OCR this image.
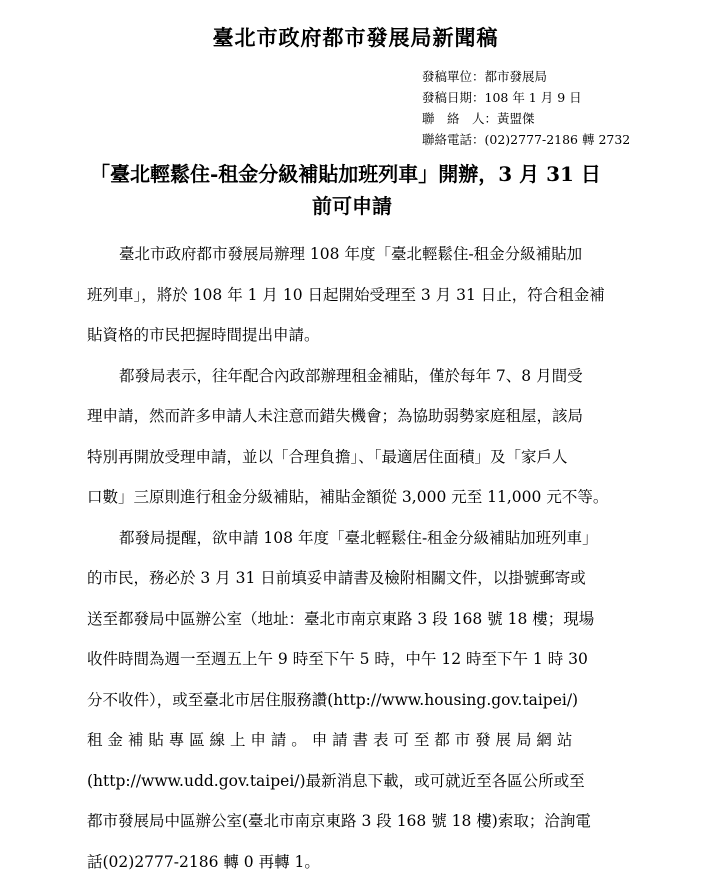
臺北市政府都市發展局新聞稿
發稿單位：都市發展局
發稿日期：108 年 1 月 9 日
聯　絡　人：黃盟傑
聯絡電話：(02)2777-2186 轉 2732
「臺北輕鬆住-租金分級補貼加班列車」開辦，3 月 31 日
前可申請
臺北市政府都市發展局辦理 108 年度「臺北輕鬆住-租金分級補貼加
班列車」，將於 108 年 1 月 10 日起開始受理至 3 月 31 日止，符合租金補
貼資格的市民把握時間提出申請。
都發局表示，往年配合內政部辦理租金補貼，僅於每年 7、8 月間受
理申請，然而許多申請人未注意而錯失機會；為協助弱勢家庭租屋，該局
特別再開放受理申請，並以「合理負擔」、「最適居住面積」及「家戶人
口數」三原則進行租金分級補貼，補貼金額從 3,000 元至 11,000 元不等。
都發局提醒，欲申請 108 年度「臺北輕鬆住-租金分級補貼加班列車」
的市民，務必於 3 月 31 日前填妥申請書及檢附相關文件，以掛號郵寄或
送至都發局中區辦公室（地址：臺北市南京東路 3 段 168 號 18 樓；現場
收件時間為週一至週五上午 9 時至下午 5 時，中午 12 時至下午 1 時 30
分不收件），或至臺北市居住服務讚(http://www.housing.gov.taipei/)
租 金 補 貼 專 區 線 上 申 請 。 申 請 書 表 可 至 都 市 發 展 局 網 站
(http://www.udd.gov.taipei/)最新消息下載，或可就近至各區公所或至
都市發展局中區辦公室(臺北市南京東路 3 段 168 號 18 樓)索取；洽詢電
話(02)2777-2186 轉 0 再轉 1。
